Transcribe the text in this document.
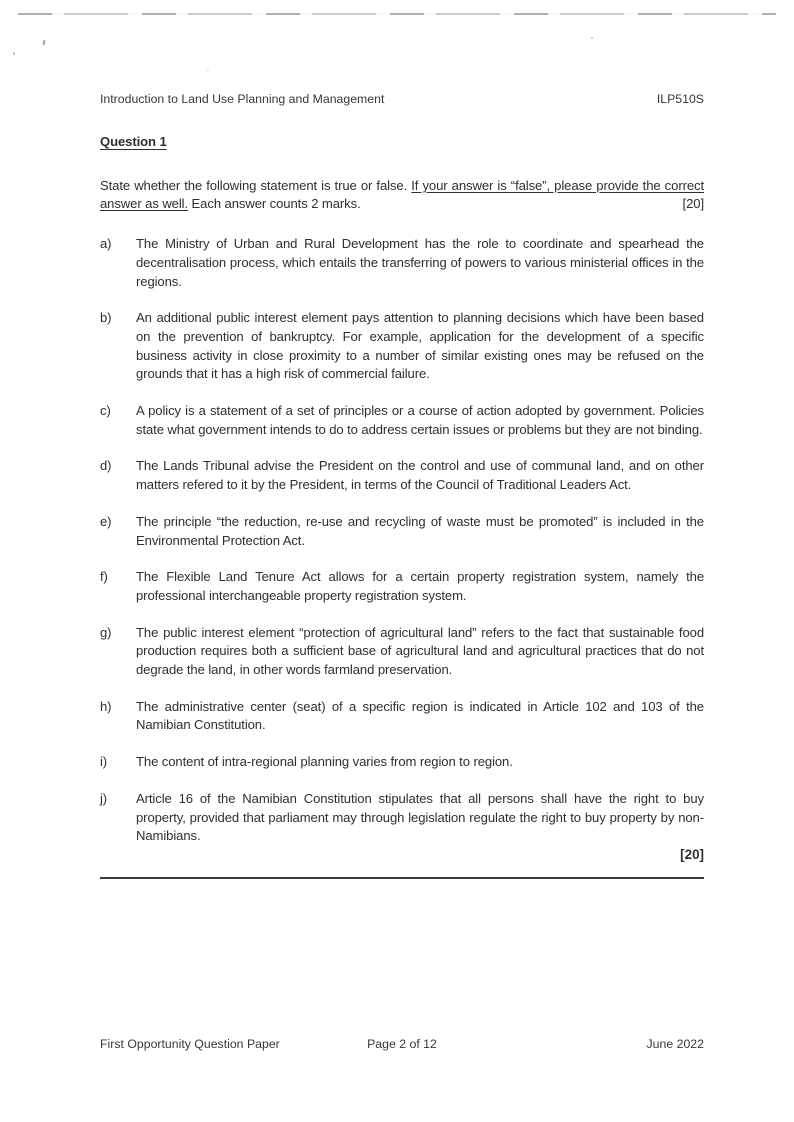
Introduction to Land Use Planning and Management	ILP510S
Question 1

State whether the following statement is true or false. If your answer is “false”, please provide the correct answer as well. Each answer counts 2 marks.	[20]

a)	The Ministry of Urban and Rural Development has the role to coordinate and spearhead the decentralisation process, which entails the transferring of powers to various ministerial offices in the regions.
b)	An additional public interest element pays attention to planning decisions which have been based on the prevention of bankruptcy. For example, application for the development of a specific business activity in close proximity to a number of similar existing ones may be refused on the grounds that it has a high risk of commercial failure.
c)	A policy is a statement of a set of principles or a course of action adopted by government. Policies state what government intends to do to address certain issues or problems but they are not binding.
d)	The Lands Tribunal advise the President on the control and use of communal land, and on other matters refered to it by the President, in terms of the Council of Traditional Leaders Act.
e)	The principle “the reduction, re-use and recycling of waste must be promoted” is included in the Environmental Protection Act.
f)	The Flexible Land Tenure Act allows for a certain property registration system, namely the professional interchangeable property registration system.
g)	The public interest element “protection of agricultural land” refers to the fact that sustainable food production requires both a sufficient base of agricultural land and agricultural practices that do not degrade the land, in other words farmland preservation.
h)	The administrative center (seat) of a specific region is indicated in Article 102 and 103 of the Namibian Constitution.
i)	The content of intra-regional planning varies from region to region.
j)	Article 16 of the Namibian Constitution stipulates that all persons shall have the right to buy property, provided that parliament may through legislation regulate the right to buy property by non-Namibians.
[20]
First Opportunity Question Paper	Page 2 of 12	June 2022
